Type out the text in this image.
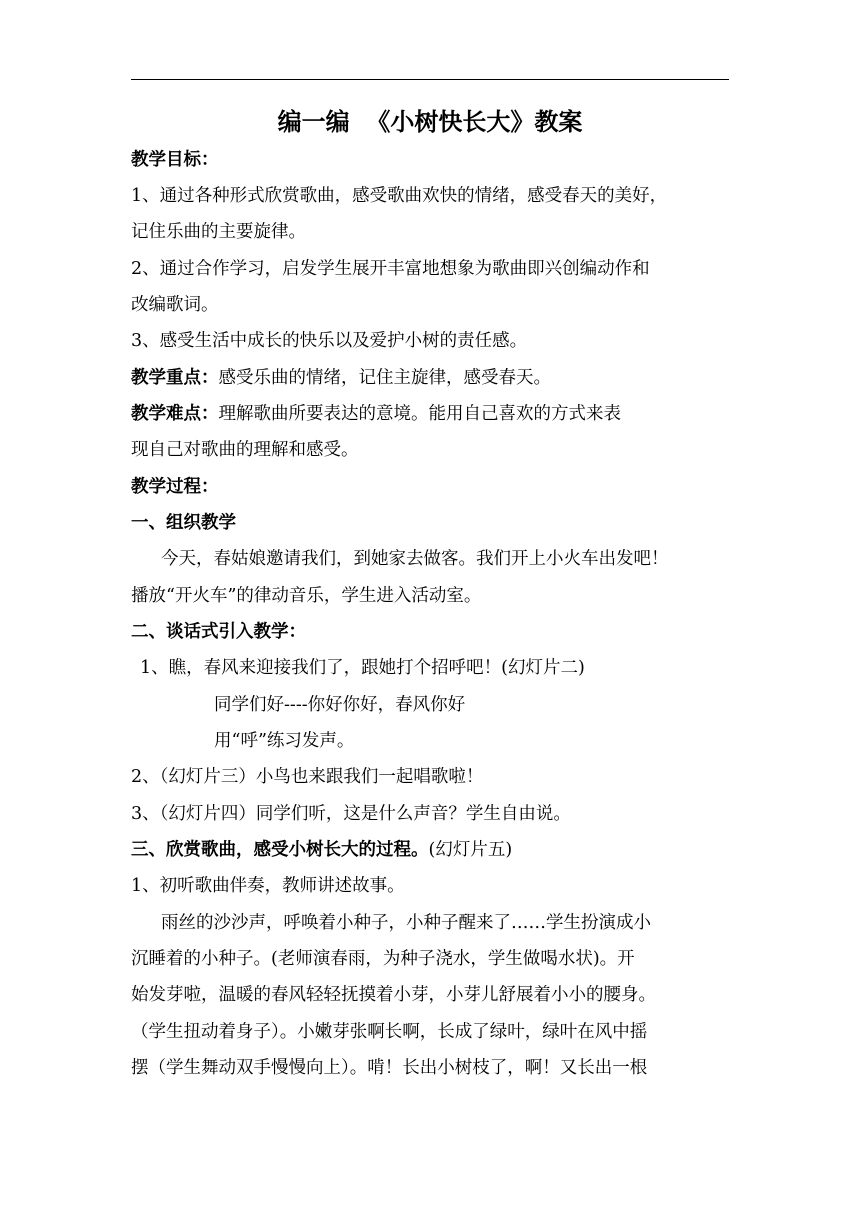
编一编  《小树快长大》教案
教学目标：
1、通过各种形式欣赏歌曲，感受歌曲欢快的情绪，感受春天的美好，
记住乐曲的主要旋律。
2、通过合作学习，启发学生展开丰富地想象为歌曲即兴创编动作和
改编歌词。
3、感受生活中成长的快乐以及爱护小树的责任感。
教学重点：感受乐曲的情绪，记住主旋律，感受春天。
教学难点：理解歌曲所要表达的意境。能用自己喜欢的方式来表
现自己对歌曲的理解和感受。
教学过程：
一、组织教学
今天，春姑娘邀请我们，到她家去做客。我们开上小火车出发吧！
播放“开火车”的律动音乐，学生进入活动室。
二、谈话式引入教学：
1、瞧，春风来迎接我们了，跟她打个招呼吧！(幻灯片二)
同学们好----你好你好，春风你好
用“呼”练习发声。
2、（幻灯片三）小鸟也来跟我们一起唱歌啦！
3、（幻灯片四）同学们听，这是什么声音？学生自由说。
三、欣赏歌曲，感受小树长大的过程。(幻灯片五)
1、初听歌曲伴奏，教师讲述故事。
雨丝的沙沙声，呼唤着小种子，小种子醒来了……学生扮演成小
沉睡着的小种子。(老师演春雨，为种子浇水，学生做喝水状)。开
始发芽啦，温暖的春风轻轻抚摸着小芽，小芽儿舒展着小小的腰身。
（学生扭动着身子）。小嫩芽张啊长啊，长成了绿叶，绿叶在风中摇
摆（学生舞动双手慢慢向上）。啃！长出小树枝了，啊！又长出一根
